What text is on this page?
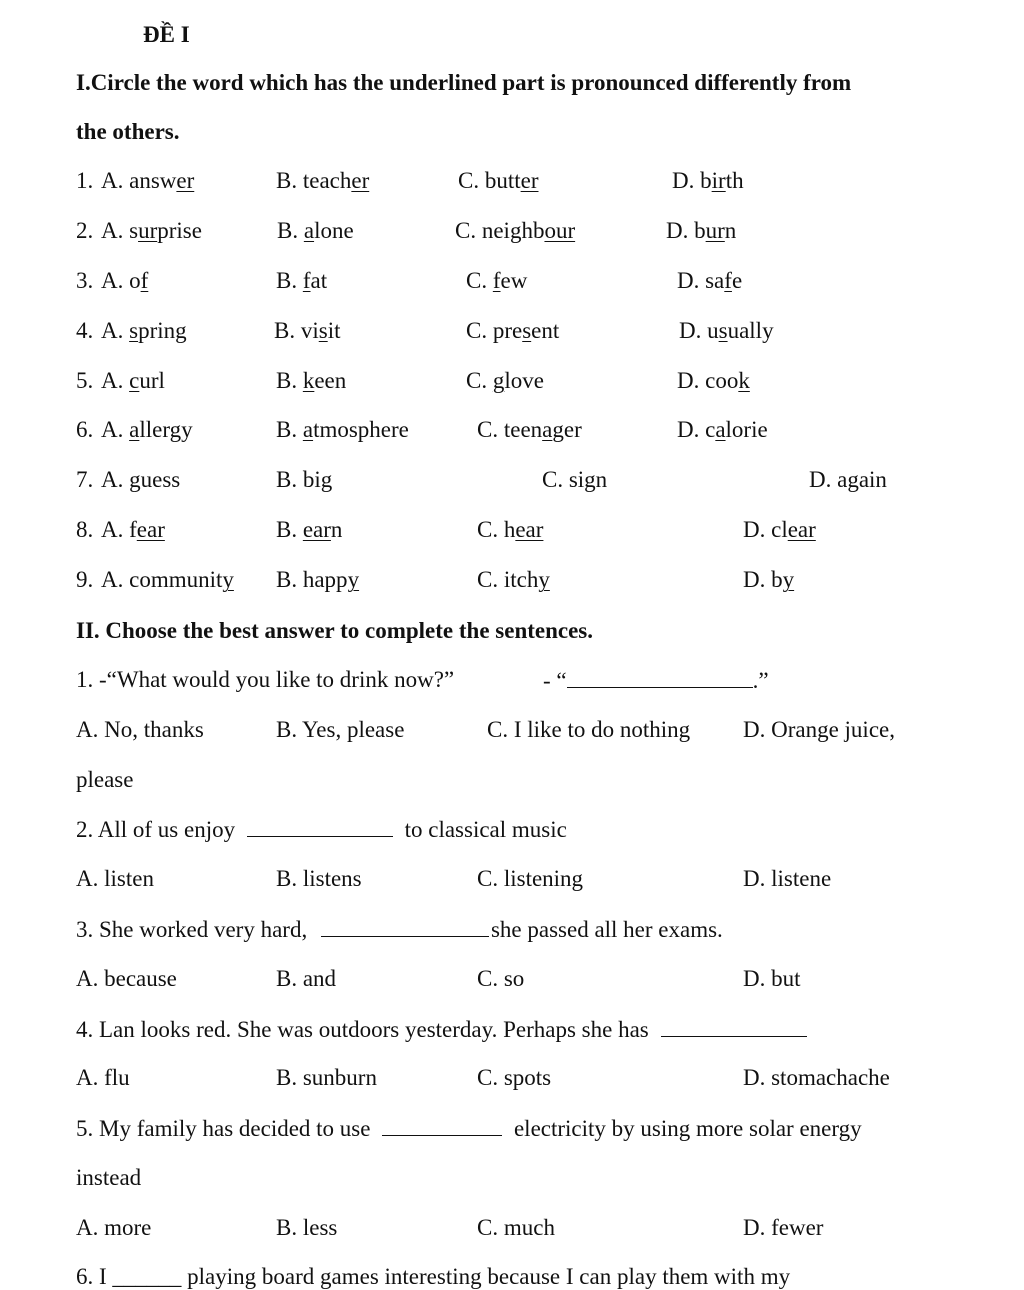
ĐỀ I
I.Circle the word which has the underlined part is pronounced differently from
the others.
1. A. answer	B. teacher	C. butter	D. birth
2. A. surprise	B. alone	C. neighbour	D. burn
3. A. of	B. fat	C. few	D. safe
4. A. spring	B. visit	C. present	D. usually
5. A. curl	B. keen	C. glove	D. cook
6. A. allergy	B. atmosphere	C. teenager	D. calorie
7. A. guess	B. big	C. sign	D. again
8. A. fear	B. earn	C. hear	D. clear
9. A. community B. happy	C. itchy	D. by
II. Choose the best answer to complete the sentences.
1. -“What would you like to drink now?”	- “	.”
A. No, thanks	B. Yes, please	C. I like to do nothing D. Orange juice,
please
2. All of us enjoy	to classical music
A. listen	B. listens	C. listening	D. listene
3. She worked very hard,	she passed all her exams.
A. because	B. and	C. so	D. but
4. Lan looks red. She was outdoors yesterday. Perhaps she has
A. flu	B. sunburn	C. spots	D. stomachache
5. My family has decided to use	electricity by using more solar energy
instead
A. more	B. less	C. much	D. fewer
6. I ______ playing board games interesting because I can play them with my
